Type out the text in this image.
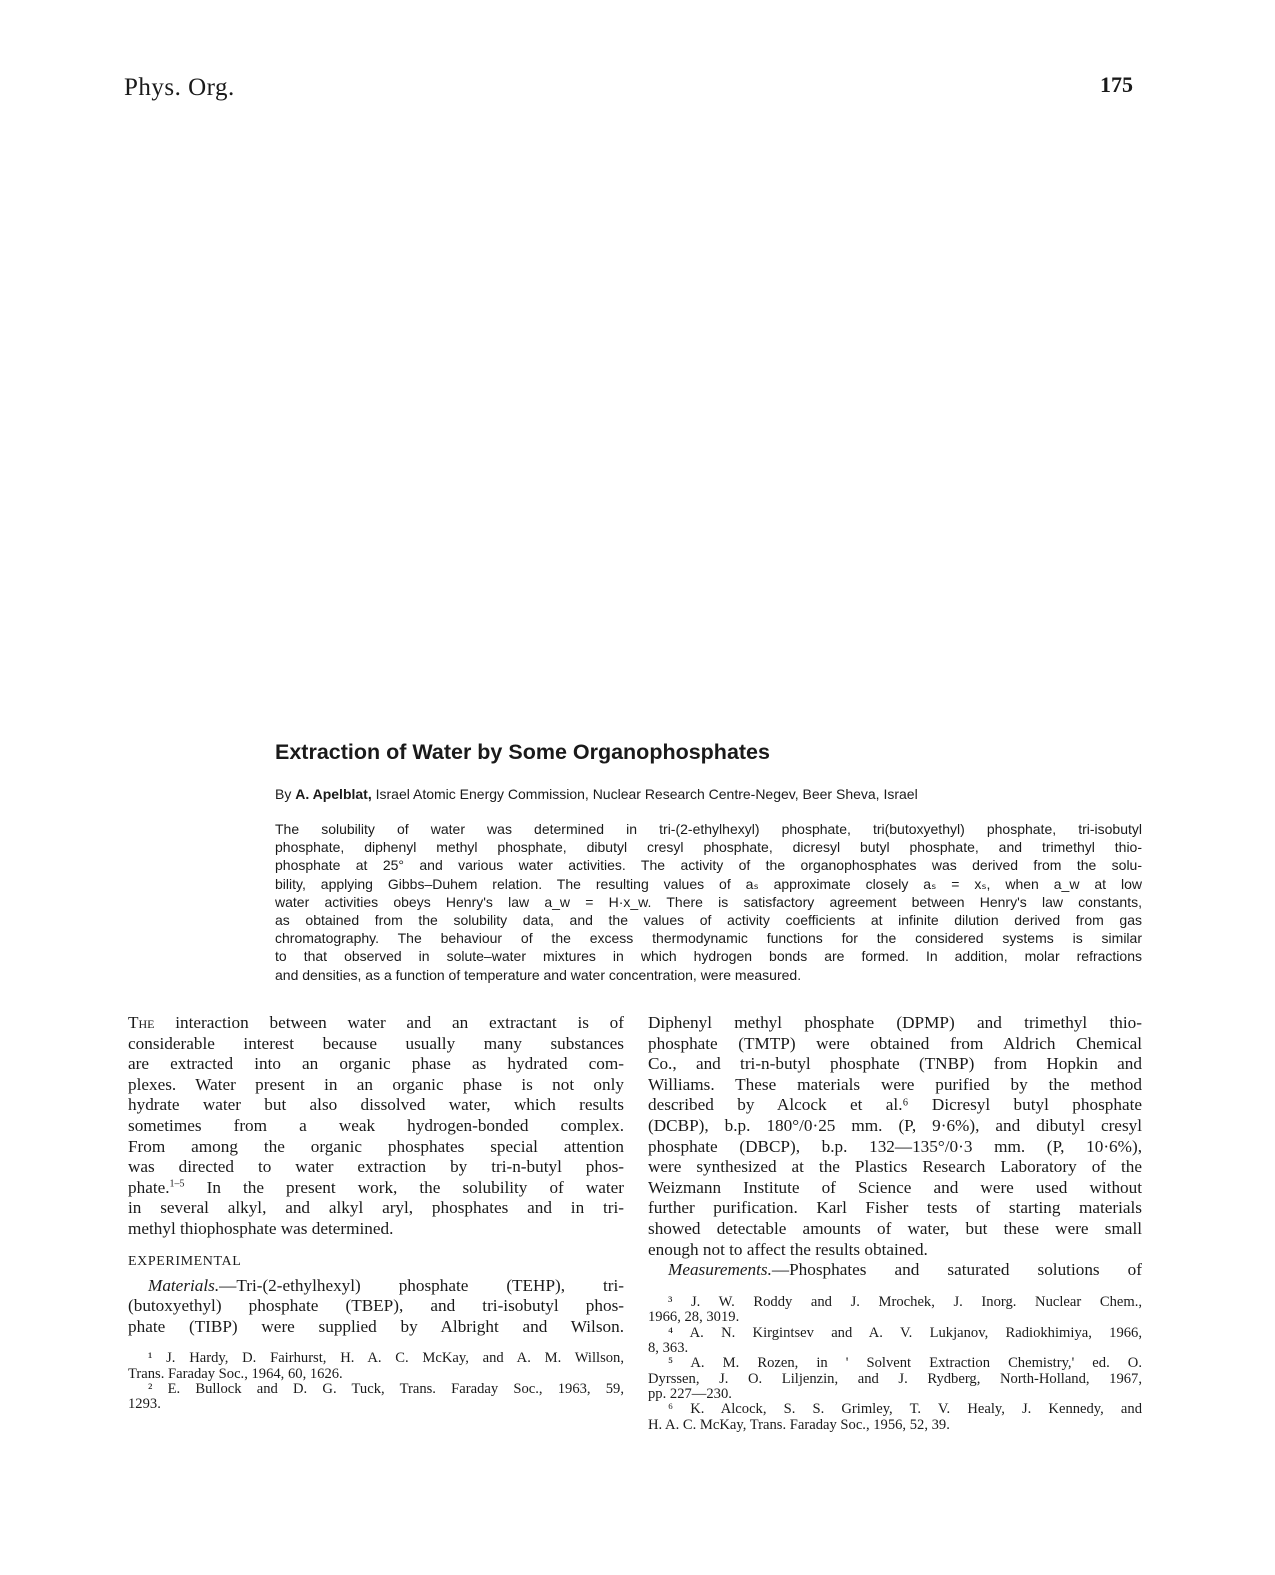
Phys. Org.	175
Extraction of Water by Some Organophosphates
By A. Apelblat, Israel Atomic Energy Commission, Nuclear Research Centre-Negev, Beer Sheva, Israel
The solubility of water was determined in tri-(2-ethylhexyl) phosphate, tri(butoxyethyl) phosphate, tri-isobutyl
phosphate, diphenyl methyl phosphate, dibutyl cresyl phosphate, dicresyl butyl phosphate, and trimethyl thio-
phosphate at 25° and various water activities. The activity of the organophosphates was derived from the solu-
bility, applying Gibbs–Duhem relation. The resulting values of aₛ approximate closely aₛ = xₛ, when a_w at low
water activities obeys Henry's law a_w = H·x_w. There is satisfactory agreement between Henry's law constants,
as obtained from the solubility data, and the values of activity coefficients at infinite dilution derived from gas
chromatography. The behaviour of the excess thermodynamic functions for the considered systems is similar
to that observed in solute–water mixtures in which hydrogen bonds are formed. In addition, molar refractions
and densities, as a function of temperature and water concentration, were measured.
The interaction between water and an extractant is of
considerable interest because usually many substances
are extracted into an organic phase as hydrated com-
plexes. Water present in an organic phase is not only
hydrate water but also dissolved water, which results
sometimes from a weak hydrogen-bonded complex.
From among the organic phosphates special attention
was directed to water extraction by tri-n-butyl phos-
phate.$^{1-5}$ In the present work, the solubility of water
in several alkyl, and alkyl aryl, phosphates and in tri-
methyl thiophosphate was determined.
EXPERIMENTAL
Materials.—Tri-(2-ethylhexyl) phosphate (TEHP), tri-
(butoxyethyl) phosphate (TBEP), and tri-isobutyl phos-
phate (TIBP) were supplied by Albright and Wilson.
¹ J. Hardy, D. Fairhurst, H. A. C. McKay, and A. M. Willson,
Trans. Faraday Soc., 1964, 60, 1626.
² E. Bullock and D. G. Tuck, Trans. Faraday Soc., 1963, 59,
1293.
Diphenyl methyl phosphate (DPMP) and trimethyl thio-
phosphate (TMTP) were obtained from Aldrich Chemical
Co., and tri-n-butyl phosphate (TNBP) from Hopkin and
Williams. These materials were purified by the method
described by Alcock et al.⁶ Dicresyl butyl phosphate
(DCBP), b.p. 180°/0·25 mm. (P, 9·6%), and dibutyl cresyl
phosphate (DBCP), b.p. 132—135°/0·3 mm. (P, 10·6%),
were synthesized at the Plastics Research Laboratory of the
Weizmann Institute of Science and were used without
further purification. Karl Fisher tests of starting materials
showed detectable amounts of water, but these were small
enough not to affect the results obtained.
Measurements.—Phosphates and saturated solutions of
³ J. W. Roddy and J. Mrochek, J. Inorg. Nuclear Chem.,
1966, 28, 3019.
⁴ A. N. Kirgintsev and A. V. Lukjanov, Radiokhimiya, 1966,
8, 363.
⁵ A. M. Rozen, in ' Solvent Extraction Chemistry,' ed. O.
Dyrssen, J. O. Liljenzin, and J. Rydberg, North-Holland, 1967,
pp. 227—230.
⁶ K. Alcock, S. S. Grimley, T. V. Healy, J. Kennedy, and
H. A. C. McKay, Trans. Faraday Soc., 1956, 52, 39.
